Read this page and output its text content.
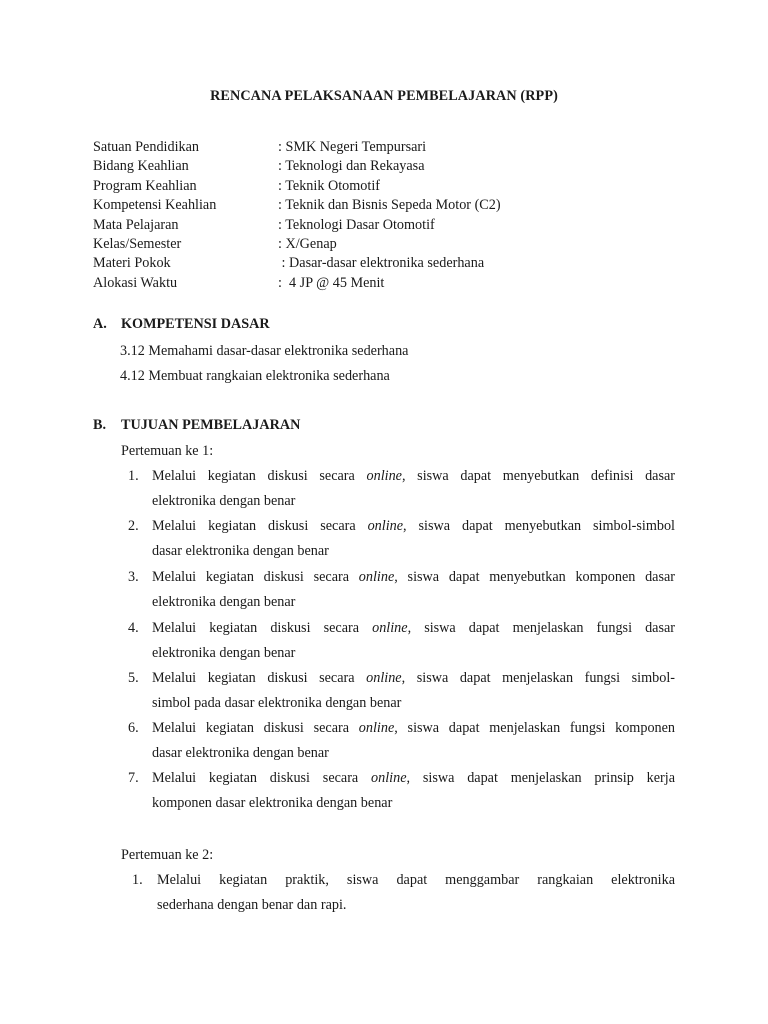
RENCANA PELAKSANAAN PEMBELAJARAN (RPP)
Satuan Pendidikan	: SMK Negeri Tempursari
Bidang Keahlian	: Teknologi dan Rekayasa
Program Keahlian	: Teknik Otomotif
Kompetensi Keahlian	: Teknik dan Bisnis Sepeda Motor (C2)
Mata Pelajaran	: Teknologi Dasar Otomotif
Kelas/Semester	: X/Genap
Materi Pokok	: Dasar-dasar elektronika sederhana
Alokasi Waktu	:  4 JP @ 45 Menit
A. KOMPETENSI DASAR
3.12 Memahami dasar-dasar elektronika sederhana
4.12 Membuat rangkaian elektronika sederhana
B. TUJUAN PEMBELAJARAN
Pertemuan ke 1:
1. Melalui kegiatan diskusi secara online, siswa dapat menyebutkan definisi dasar
elektronika dengan benar
2. Melalui kegiatan diskusi secara online, siswa dapat menyebutkan simbol-simbol
dasar elektronika dengan benar
3. Melalui kegiatan diskusi secara online, siswa dapat menyebutkan komponen dasar
elektronika dengan benar
4. Melalui kegiatan diskusi secara online, siswa dapat menjelaskan fungsi dasar
elektronika dengan benar
5. Melalui kegiatan diskusi secara online, siswa dapat menjelaskan fungsi simbol-
simbol pada dasar elektronika dengan benar
6. Melalui kegiatan diskusi secara online, siswa dapat menjelaskan fungsi komponen
dasar elektronika dengan benar
7. Melalui kegiatan diskusi secara online, siswa dapat menjelaskan prinsip kerja
komponen dasar elektronika dengan benar
Pertemuan ke 2:
1. Melalui kegiatan praktik, siswa dapat menggambar rangkaian elektronika
sederhana dengan benar dan rapi.
